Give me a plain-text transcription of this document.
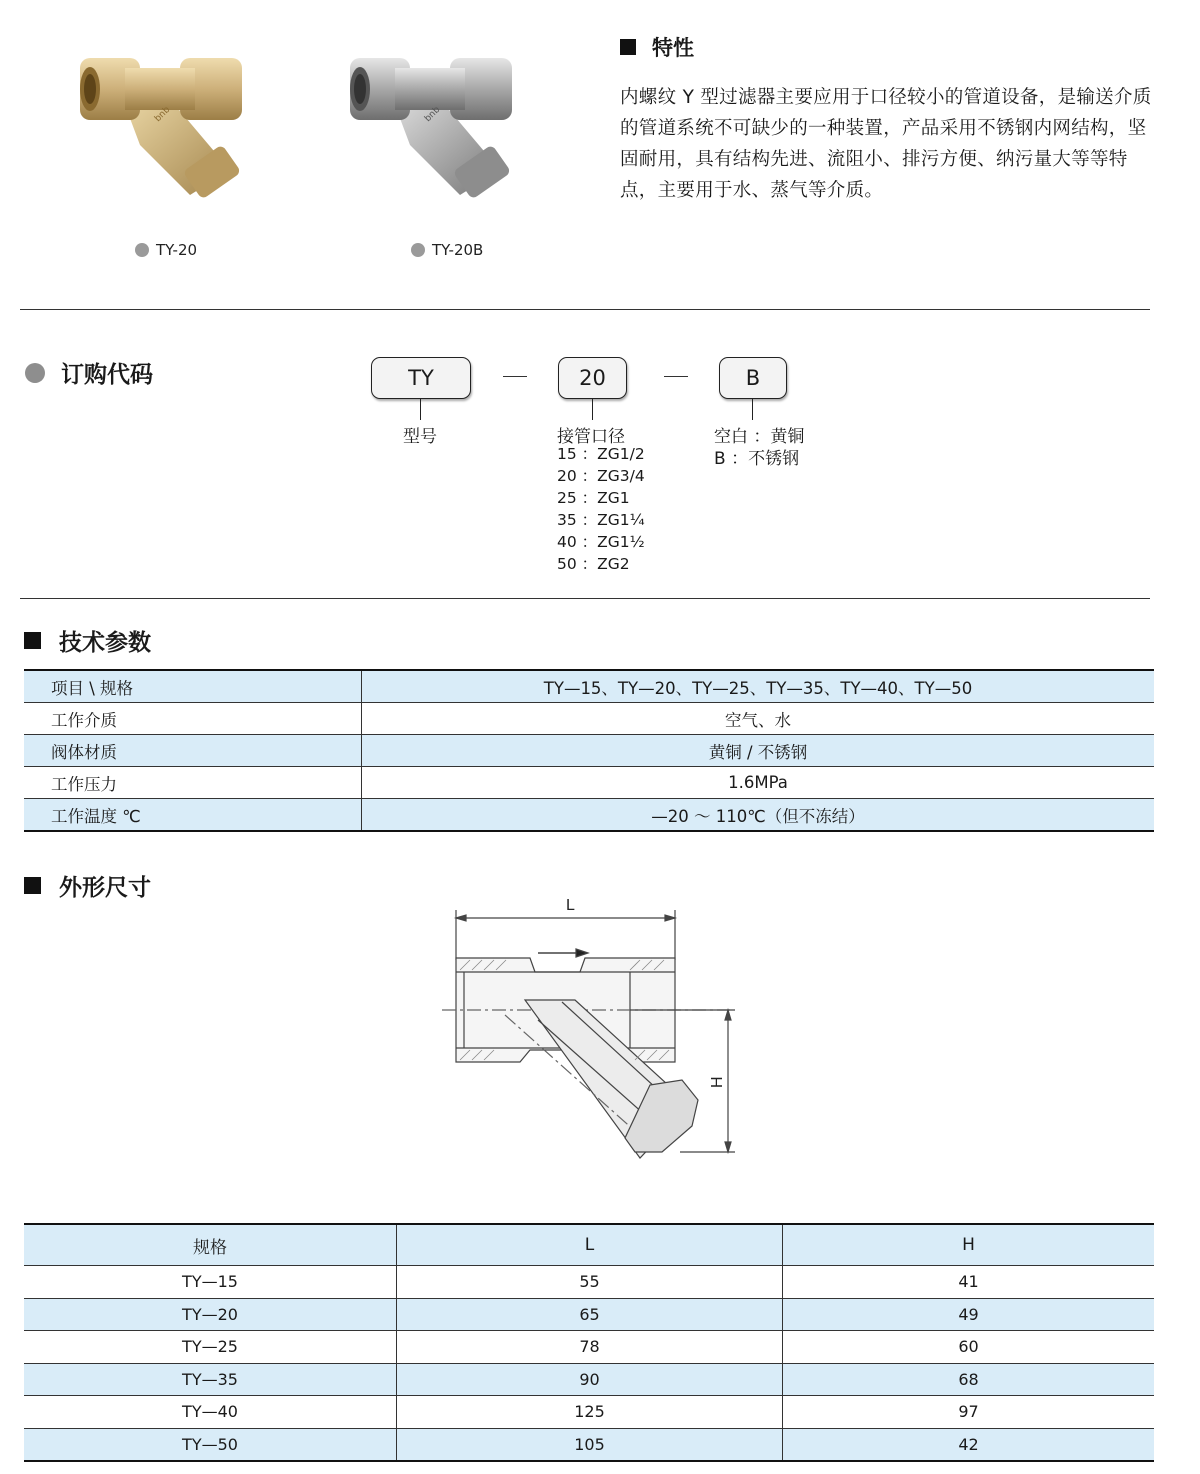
bnb
TY-20
bnb
TY-20B
特性
内螺纹 Y 型过滤器主要应用于口径较小的管道设备，是输送介质的管道系统不可缺少的一种装置，产品采用不锈钢内网结构，坚固耐用，具有结构先进、流阻小、排污方便、纳污量大等等特点，主要用于水、蒸气等介质。
订购代码	TY	20	B
型号	接管口径
15 ：ZG1/2
20 ：ZG3/4
25 ：ZG1
35 ：ZG1¼
40 ：ZG1½
50 ：ZG2
空白 ：黄铜
B ：不锈钢
技术参数
项目 \ 规格	TY—15、TY—20、TY—25、TY—35、TY—40、TY—50
工作介质	空气、水
阀体材质	黄铜 / 不锈钢
工作压力	1.6MPa
工作温度 ℃	—20 ～ 110℃（但不冻结）
外形尺寸
L
H
规格	L	H
TY—15	55	41
TY—20	65	49
TY—25	78	60
TY—35	90	68
TY—40	125	97
TY—50	105	42
